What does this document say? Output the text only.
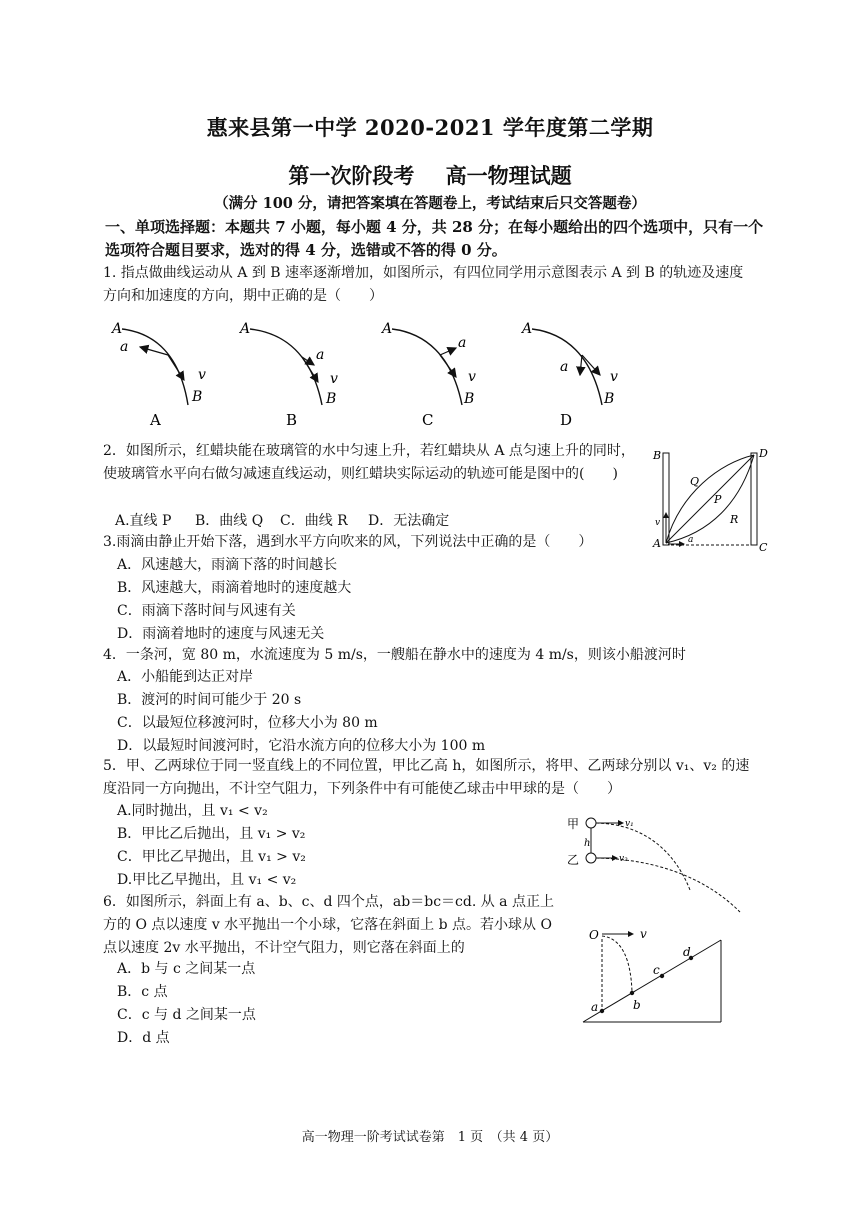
惠来县第一中学 2020-2021 学年度第二学期
第一次阶段考 高一物理试题
（满分 100 分，请把答案填在答题卷上，考试结束后只交答题卷）
一、单项选择题：本题共 7 小题，每小题 4 分，共 28 分；在每小题给出的四个选项中，只有一个选项符合题目要求，选对的得 4 分，选错或不答的得 0 分。
1. 指点做曲线运动从 A 到 B 速率逐渐增加，如图所示，有四位同学用示意图表示 A 到 B 的轨迹及速度方向和加速度的方向，期中正确的是（　　）
A
a
v
B
A
A
a
v
B
B
A
a
v
B
C
A
a
v
B
D
2．如图所示，红蜡块能在玻璃管的水中匀速上升，若红蜡块从 A 点匀速上升的同时，使玻璃管水平向右做匀减速直线运动，则红蜡块实际运动的轨迹可能是图中的(　　)
A.直线 P B．曲线 Q C．曲线 R D．无法确定
B	D
A	C
Q
P
R
v
a
3.雨滴由静止开始下落，遇到水平方向吹来的风，下列说法中正确的是（　　）
A．风速越大，雨滴下落的时间越长
B．风速越大，雨滴着地时的速度越大
C．雨滴下落时间与风速有关
D．雨滴着地时的速度与风速无关
4．一条河，宽 80 m，水流速度为 5 m/s，一艘船在静水中的速度为 4 m/s，则该小船渡河时
A．小船能到达正对岸
B．渡河的时间可能少于 20 s
C．以最短位移渡河时，位移大小为 80 m
D．以最短时间渡河时，它沿水流方向的位移大小为 100 m
5．甲、乙两球位于同一竖直线上的不同位置，甲比乙高 h，如图所示，将甲、乙两球分别以 v₁、v₂ 的速度沿同一方向抛出，不计空气阻力，下列条件中有可能使乙球击中甲球的是（　　）
A.同时抛出，且 v₁ < v₂
B．甲比乙后抛出，且 v₁ > v₂
C．甲比乙早抛出，且 v₁ > v₂
D.甲比乙早抛出，且 v₁ < v₂
甲
乙
h
v₁
v₂
6．如图所示，斜面上有 a、b、c、d 四个点，ab＝bc＝cd. 从 a 点正上方的 O 点以速度 v 水平抛出一个小球，它落在斜面上 b 点。若小球从 O 点以速度 2v 水平抛出，不计空气阻力，则它落在斜面上的
A．b 与 c 之间某一点
B．c 点
C．c 与 d 之间某一点
D．d 点
O	v
a	b
c
d
高一物理一阶考试试卷第　1 页　（共 4 页）
